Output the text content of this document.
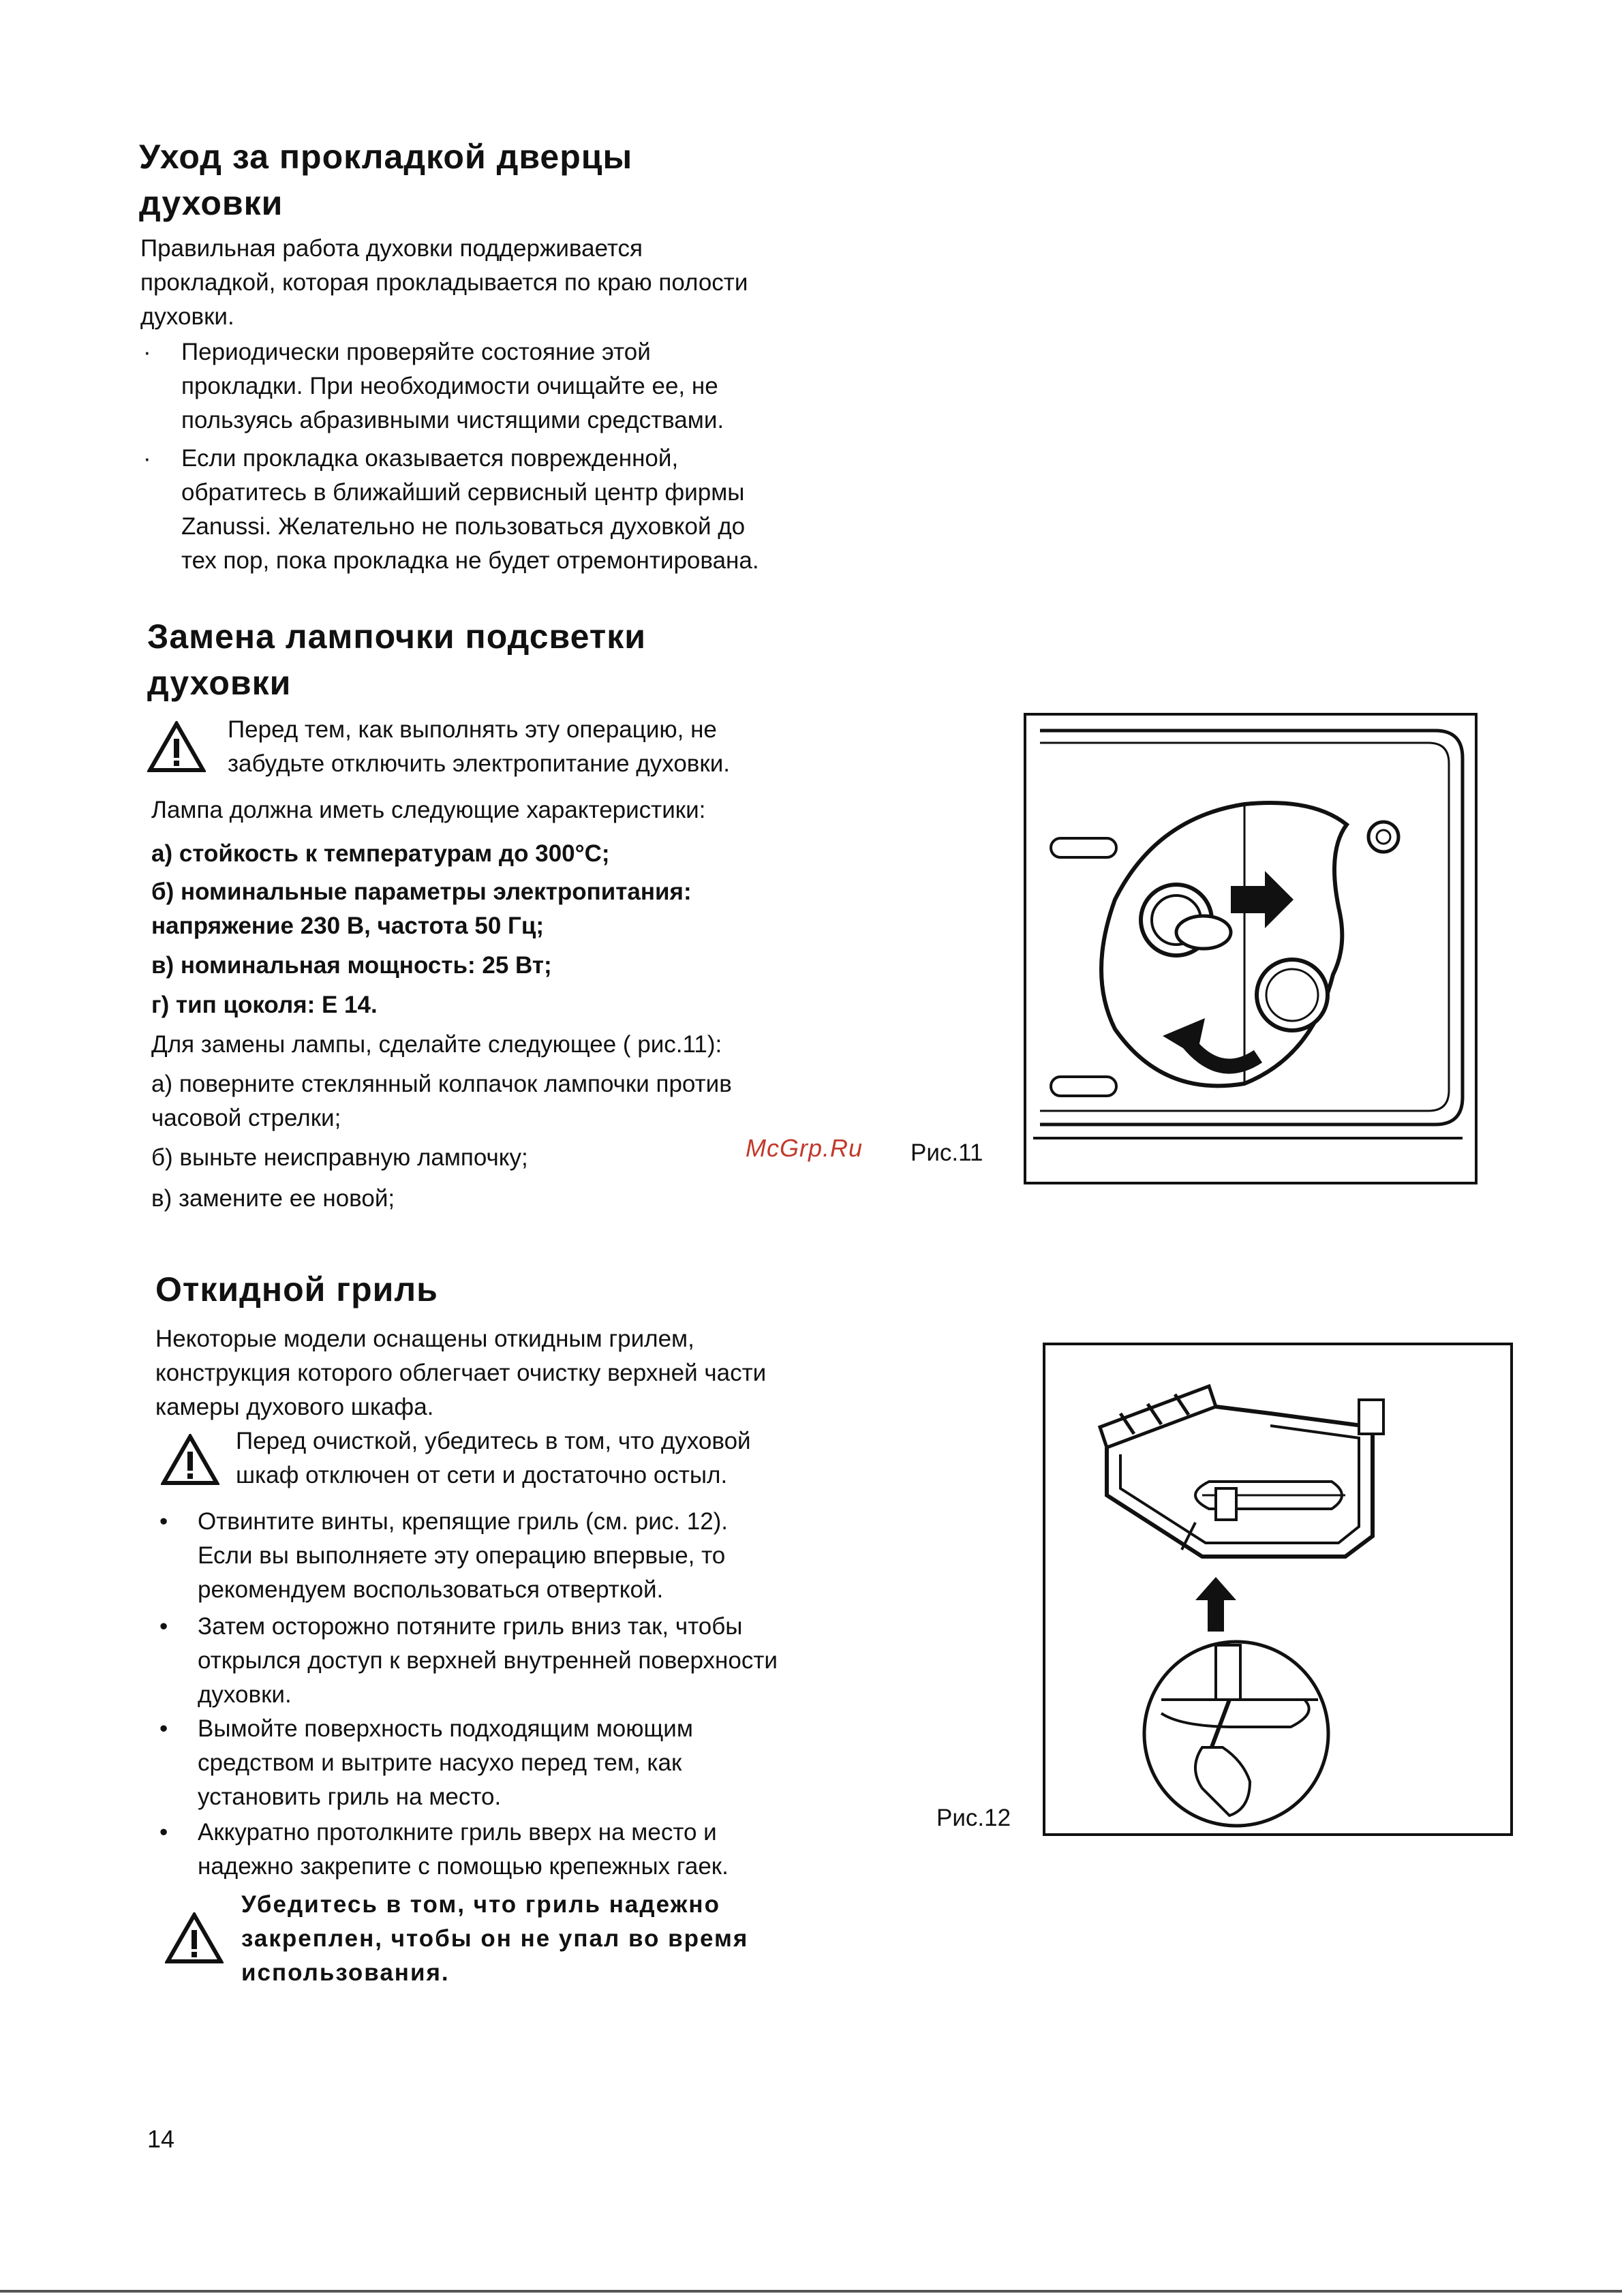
Уход за прокладкой дверцы
духовки
Правильная работа духовки поддерживается
прокладкой, которая прокладывается по краю полости
духовки.
· Периодически проверяйте состояние этой
прокладки. При необходимости очищайте ее, не
пользуясь абразивными чистящими средствами.
· Если прокладка оказывается поврежденной,
обратитесь в ближайший сервисный центр фирмы
Zanussi. Желательно не пользоваться духовкой до
тех пор, пока прокладка не будет отремонтирована.
Замена лампочки подсветки
духовки
Перед тем, как выполнять эту операцию, не
забудьте отключить электропитание духовки.
Лампа должна иметь следующие характеристики:
а) стойкость к температурам до 300°C;
б) номинальные параметры электропитания:
напряжение 230 В, частота 50 Гц;
в) номинальная мощность: 25 Вт;
г) тип цоколя: Е 14.
Для замены лампы, сделайте следующее ( рис.11):
а) поверните стеклянный колпачок лампочки против
часовой стрелки;
б) выньте неисправную лампочку;	McGrp.Ru Рис.11
в) замените ее новой;
Откидной гриль
Некоторые модели оснащены откидным грилем,
конструкция которого облегчает очистку верхней части
камеры духового шкафа.
Перед очисткой, убедитесь в том, что духовой
шкаф отключен от сети и достаточно остыл.
• Отвинтите винты, крепящие гриль (см. рис. 12).
Если вы выполняете эту операцию впервые, то
рекомендуем воспользоваться отверткой.
• Затем осторожно потяните гриль вниз так, чтобы
открылся доступ к верхней внутренней поверхности
духовки.
• Вымойте поверхность подходящим моющим
средством и вытрите насухо перед тем, как
установить гриль на место.
• Аккуратно протолкните гриль вверх на место и
надежно закрепите с помощью крепежных гаек.
Убедитесь в том, что гриль надежно
закреплен, чтобы он не упал во время
использования.
Рис.12
14
